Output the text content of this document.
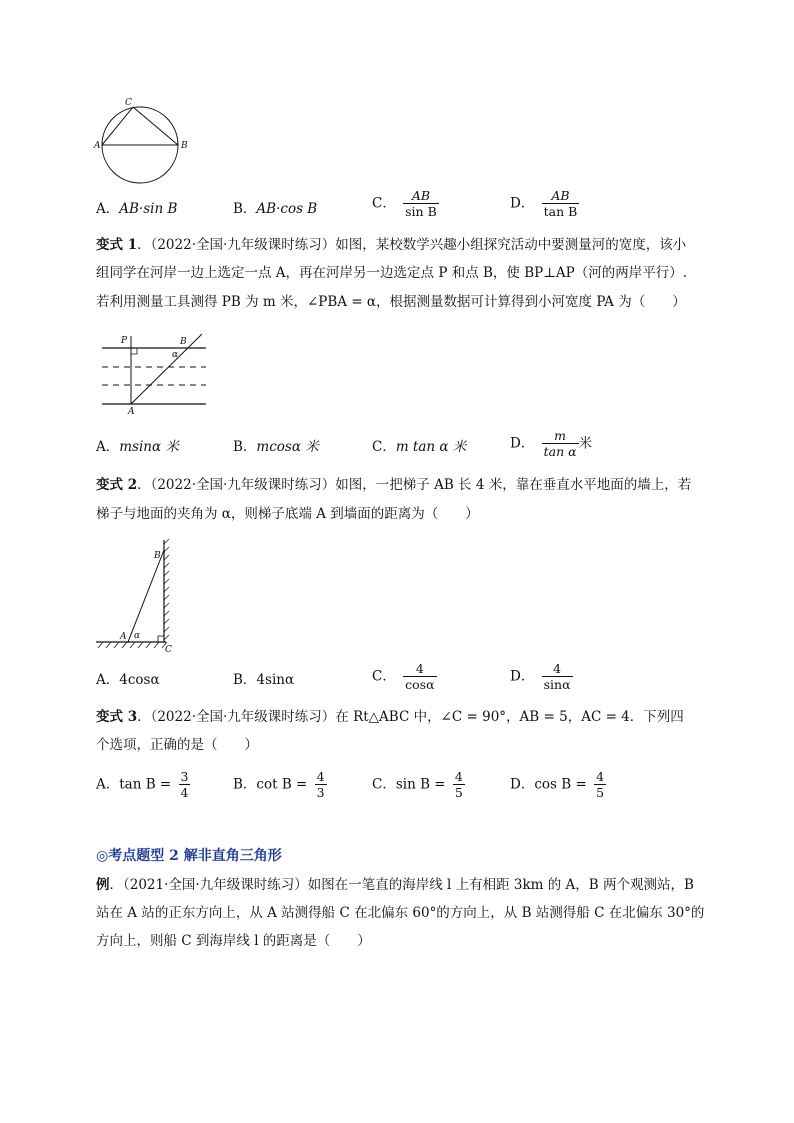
C
A	B
A．AB·sin B	B．AB·cos B	C． $\frac{AB}{\text{sin B}}$	D． $\frac{AB}{\text{tan B}}$
变式 1．（2022·全国·九年级课时练习）如图，某校数学兴趣小组探究活动中要测量河的宽度，该小
组同学在河岸一边上选定一点 A，再在河岸另一边选定点 P 和点 B，使 BP⊥AP（河的两岸平行）.
若利用测量工具测得 PB 为 m 米，∠PBA = α，根据测量数据可计算得到小河宽度 PA 为（　　）
P	B
A
α
A．msinα 米	B．mcosα 米	C．m tan α 米	D． $\frac{m}{\text{tan α}}$ 米
变式 2．（2022·全国·九年级课时练习）如图，一把梯子 AB 长 4 米，靠在垂直水平地面的墙上，若
梯子与地面的夹角为 α，则梯子底端 A 到墙面的距离为（　　）
B
A
C
α
A．4cosα	B．4sinα	C． $\frac{4}{\cos\alpha}$	D． $\frac{4}{\sin\alpha}$
变式 3．（2022·全国·九年级课时练习）在 Rt△ABC 中，∠C = 90°，AB = 5，AC = 4．下列四
个选项，正确的是（　　）
A．$\tan B = \frac{3}{4}$	B．$\cot B = \frac{4}{3}$	C．$\sin B = \frac{4}{5}$	D．$\cos B = \frac{4}{5}$
◎考点题型 2 解非直角三角形
例．（2021·全国·九年级课时练习）如图在一笔直的海岸线 l 上有相距 3km 的 A，B 两个观测站，B
站在 A 站的正东方向上，从 A 站测得船 C 在北偏东 60°的方向上，从 B 站测得船 C 在北偏东 30°的
方向上，则船 C 到海岸线 l 的距离是（　　）
